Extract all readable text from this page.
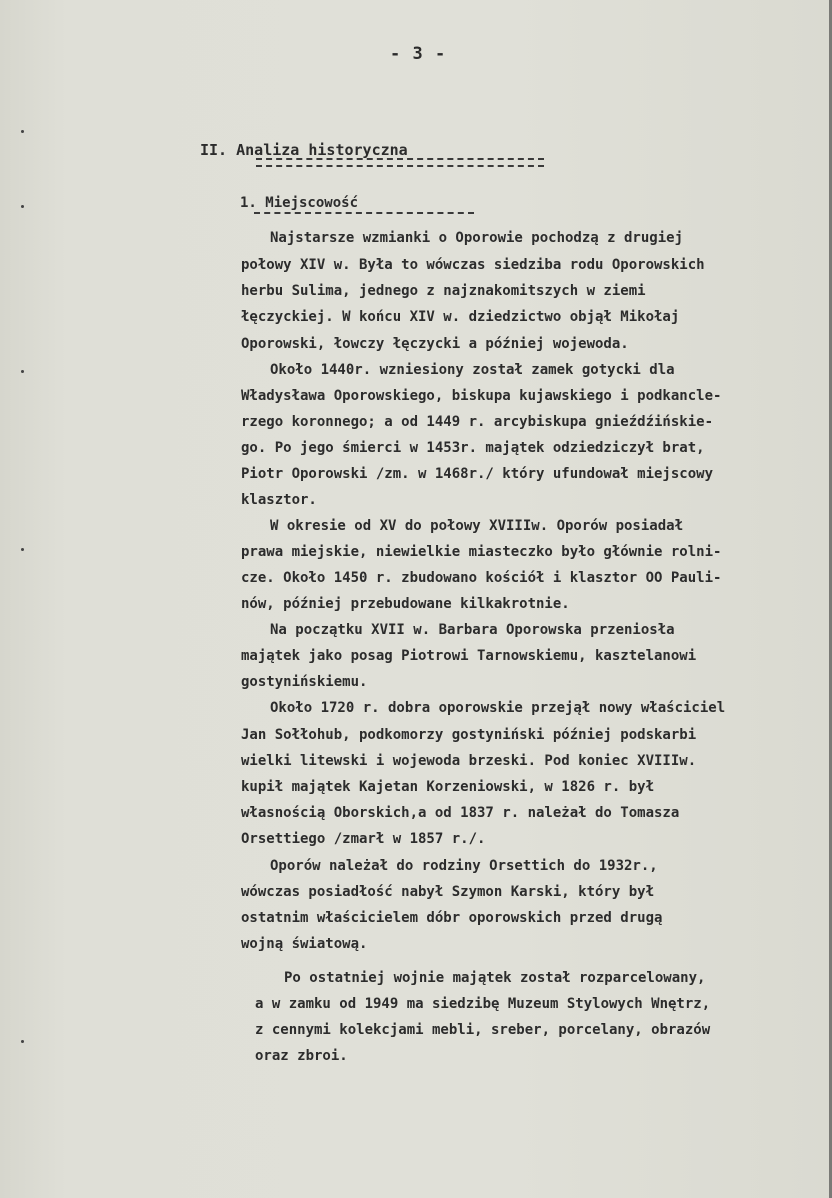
- 3 -
II. Analiza historyczna
1. Miejscowość
Najstarsze wzmianki o Oporowie pochodzą z drugiej
połowy XIV w. Była to wówczas siedziba rodu Oporowskich
herbu Sulima, jednego z najznakomitszych w ziemi
łęczyckiej. W końcu XIV w. dziedzictwo objął Mikołaj
Oporowski, łowczy łęczycki a później wojewoda.
Około 1440r. wzniesiony został zamek gotycki dla
Władysława Oporowskiego, biskupa kujawskiego i podkancle-
rzego koronnego; a od 1449 r. arcybiskupa gnieźdźińskie-
go. Po jego śmierci w 1453r. majątek odziedziczył brat,
Piotr Oporowski /zm. w 1468r./ który ufundował miejscowy
klasztor.
W okresie od XV do połowy XVIIIw. Oporów posiadał
prawa miejskie, niewielkie miasteczko było głównie rolni-
cze. Około 1450 r. zbudowano kościół i klasztor OO Pauli-
nów, później przebudowane kilkakrotnie.
Na początku XVII w. Barbara Oporowska przeniosła
majątek jako posag Piotrowi Tarnowskiemu, kasztelanowi
gostynińskiemu.
Około 1720 r. dobra oporowskie przejął nowy właściciel
Jan Sołłohub, podkomorzy gostyniński później podskarbi
wielki litewski i wojewoda brzeski. Pod koniec XVIIIw.
kupił majątek Kajetan Korzeniowski, w 1826 r. był
własnością Oborskich,a od 1837 r. należał do Tomasza
Orsettiego /zmarł w 1857 r./.
Oporów należał do rodziny Orsettich do 1932r.,
wówczas posiadłość nabył Szymon Karski, który był
ostatnim właścicielem dóbr oporowskich przed drugą
wojną światową.
Po ostatniej wojnie majątek został rozparcelowany,
a w zamku od 1949 ma siedzibę Muzeum Stylowych Wnętrz,
z cennymi kolekcjami mebli, sreber, porcelany, obrazów
oraz zbroi.
